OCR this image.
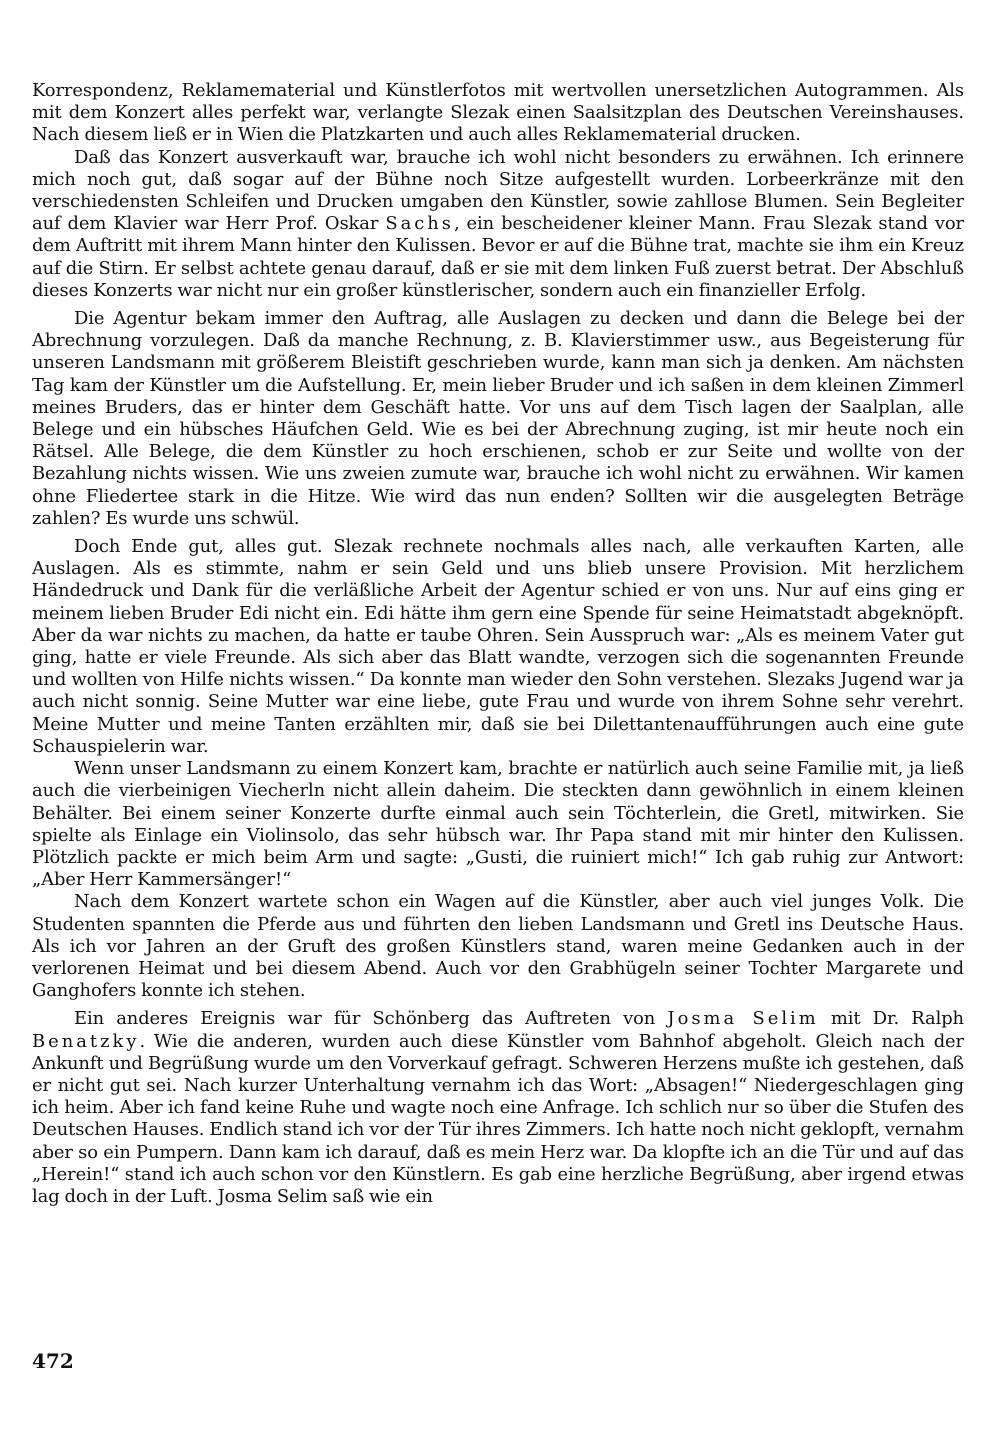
Korrespondenz, Reklamematerial und Künstlerfotos mit wertvollen unersetzlichen Autogrammen. Als mit dem Konzert alles perfekt war, verlangte Slezak einen Saalsitzplan des Deutschen Vereinshauses. Nach diesem ließ er in Wien die Platzkarten und auch alles Reklamematerial drucken.

Daß das Konzert ausverkauft war, brauche ich wohl nicht besonders zu erwähnen. Ich erinnere mich noch gut, daß sogar auf der Bühne noch Sitze aufgestellt wurden. Lorbeerkränze mit den verschiedensten Schleifen und Drucken umgaben den Künstler, sowie zahllose Blumen. Sein Begleiter auf dem Klavier war Herr Prof. Oskar Sachs, ein bescheidener kleiner Mann. Frau Slezak stand vor dem Auftritt mit ihrem Mann hinter den Kulissen. Bevor er auf die Bühne trat, machte sie ihm ein Kreuz auf die Stirn. Er selbst achtete genau darauf, daß er sie mit dem linken Fuß zuerst betrat. Der Abschluß dieses Konzerts war nicht nur ein großer künstlerischer, sondern auch ein finanzieller Erfolg.

Die Agentur bekam immer den Auftrag, alle Auslagen zu decken und dann die Belege bei der Abrechnung vorzulegen. Daß da manche Rechnung, z. B. Klavierstimmer usw., aus Begeisterung für unseren Landsmann mit größerem Bleistift geschrieben wurde, kann man sich ja denken. Am nächsten Tag kam der Künstler um die Aufstellung. Er, mein lieber Bruder und ich saßen in dem kleinen Zimmerl meines Bruders, das er hinter dem Geschäft hatte. Vor uns auf dem Tisch lagen der Saalplan, alle Belege und ein hübsches Häufchen Geld. Wie es bei der Abrechnung zuging, ist mir heute noch ein Rätsel. Alle Belege, die dem Künstler zu hoch erschienen, schob er zur Seite und wollte von der Bezahlung nichts wissen. Wie uns zweien zumute war, brauche ich wohl nicht zu erwähnen. Wir kamen ohne Fliedertee stark in die Hitze. Wie wird das nun enden? Sollten wir die ausgelegten Beträge zahlen? Es wurde uns schwül.

Doch Ende gut, alles gut. Slezak rechnete nochmals alles nach, alle verkauften Karten, alle Auslagen. Als es stimmte, nahm er sein Geld und uns blieb unsere Provision. Mit herzlichem Händedruck und Dank für die verläßliche Arbeit der Agentur schied er von uns. Nur auf eins ging er meinem lieben Bruder Edi nicht ein. Edi hätte ihm gern eine Spende für seine Heimatstadt abgeknöpft. Aber da war nichts zu machen, da hatte er taube Ohren. Sein Ausspruch war: „Als es meinem Vater gut ging, hatte er viele Freunde. Als sich aber das Blatt wandte, verzogen sich die sogenannten Freunde und wollten von Hilfe nichts wissen.“ Da konnte man wieder den Sohn verstehen. Slezaks Jugend war ja auch nicht sonnig. Seine Mutter war eine liebe, gute Frau und wurde von ihrem Sohne sehr verehrt. Meine Mutter und meine Tanten erzählten mir, daß sie bei Dilettantenaufführungen auch eine gute Schauspielerin war.

Wenn unser Landsmann zu einem Konzert kam, brachte er natürlich auch seine Familie mit, ja ließ auch die vierbeinigen Viecherln nicht allein daheim. Die steckten dann gewöhnlich in einem kleinen Behälter. Bei einem seiner Konzerte durfte einmal auch sein Töchterlein, die Gretl, mitwirken. Sie spielte als Einlage ein Violinsolo, das sehr hübsch war. Ihr Papa stand mit mir hinter den Kulissen. Plötzlich packte er mich beim Arm und sagte: „Gusti, die ruiniert mich!“ Ich gab ruhig zur Antwort: „Aber Herr Kammersänger!“

Nach dem Konzert wartete schon ein Wagen auf die Künstler, aber auch viel junges Volk. Die Studenten spannten die Pferde aus und führten den lieben Landsmann und Gretl ins Deutsche Haus. Als ich vor Jahren an der Gruft des großen Künstlers stand, waren meine Gedanken auch in der verlorenen Heimat und bei diesem Abend. Auch vor den Grabhügeln seiner Tochter Margarete und Ganghofers konnte ich stehen.

Ein anderes Ereignis war für Schönberg das Auftreten von Josma Selim mit Dr. Ralph Benatzky. Wie die anderen, wurden auch diese Künstler vom Bahnhof abgeholt. Gleich nach der Ankunft und Begrüßung wurde um den Vorverkauf gefragt. Schweren Herzens mußte ich gestehen, daß er nicht gut sei. Nach kurzer Unterhaltung vernahm ich das Wort: „Absagen!“ Niedergeschlagen ging ich heim. Aber ich fand keine Ruhe und wagte noch eine Anfrage. Ich schlich nur so über die Stufen des Deutschen Hauses. Endlich stand ich vor der Tür ihres Zimmers. Ich hatte noch nicht geklopft, vernahm aber so ein Pumpern. Dann kam ich darauf, daß es mein Herz war. Da klopfte ich an die Tür und auf das „Herein!“ stand ich auch schon vor den Künstlern. Es gab eine herzliche Begrüßung, aber irgend etwas lag doch in der Luft. Josma Selim saß wie ein

472
